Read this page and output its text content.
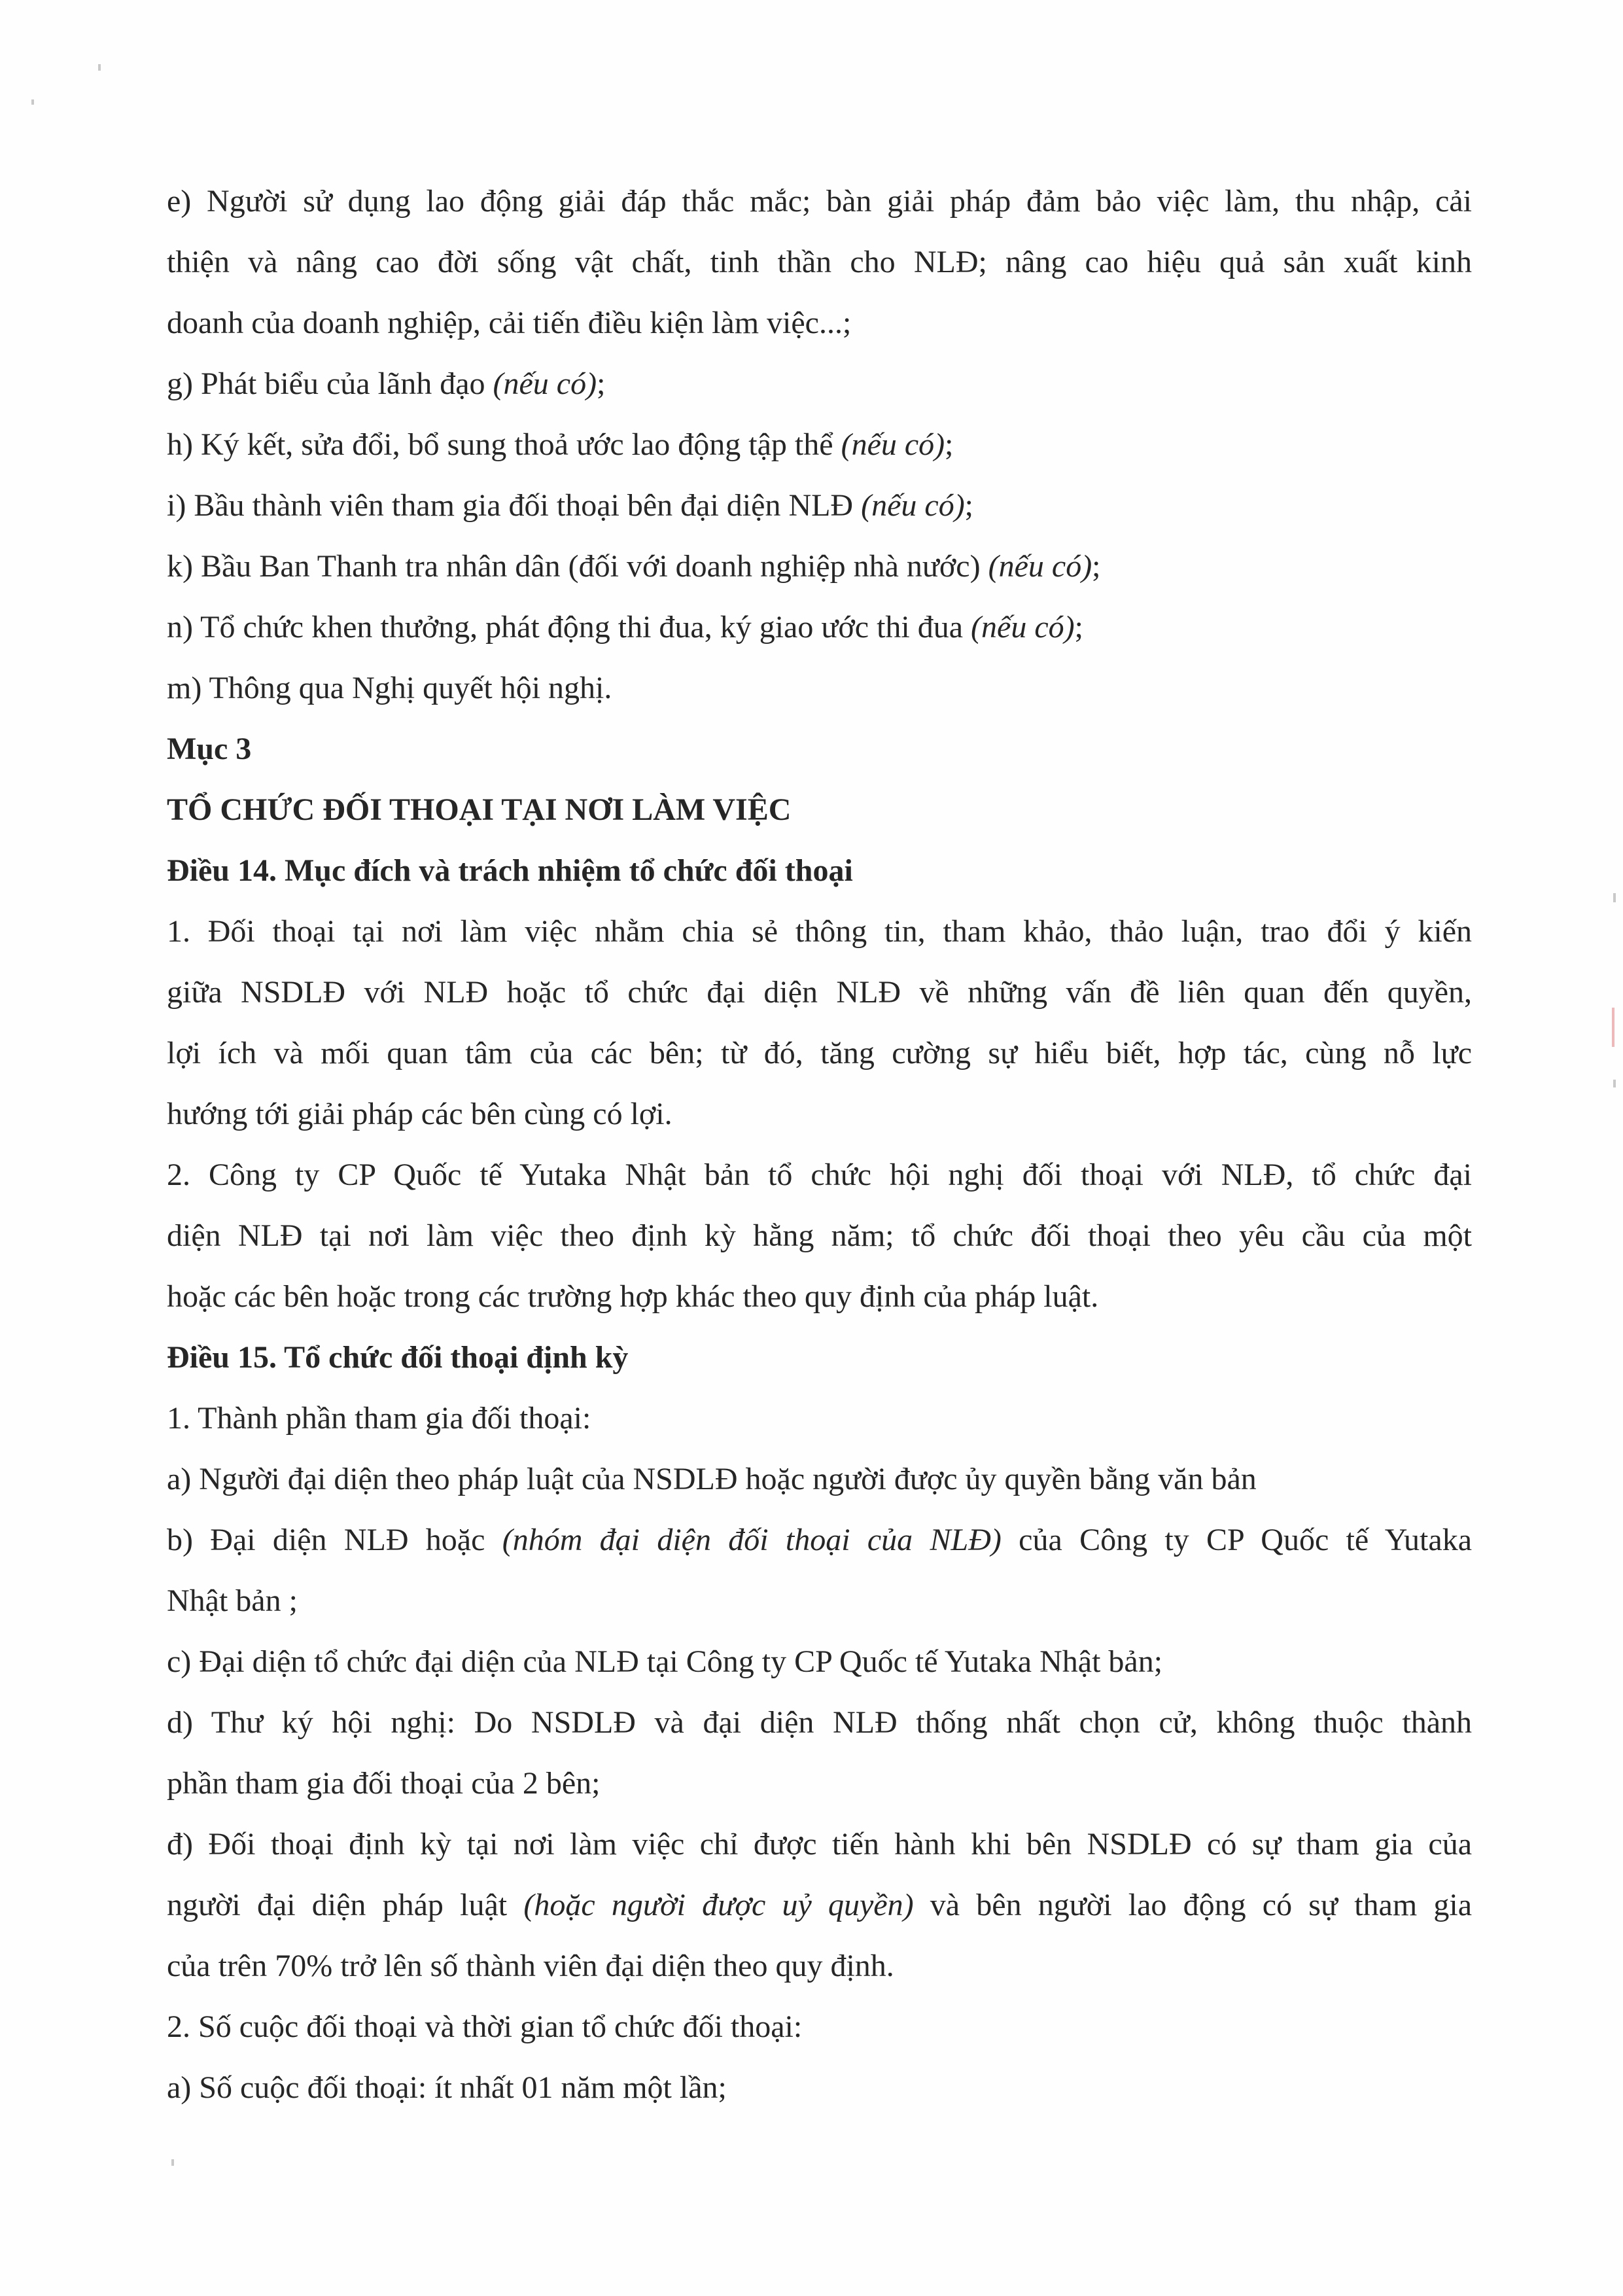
e) Người sử dụng lao động giải đáp thắc mắc; bàn giải pháp đảm bảo việc làm, thu nhập, cải
thiện và nâng cao đời sống vật chất, tinh thần cho NLĐ; nâng cao hiệu quả sản xuất kinh
doanh của doanh nghiệp, cải tiến điều kiện làm việc...;
g) Phát biểu của lãnh đạo (nếu có);
h) Ký kết, sửa đổi, bổ sung thoả ước lao động tập thể (nếu có);
i) Bầu thành viên tham gia đối thoại bên đại diện NLĐ (nếu có);
k) Bầu Ban Thanh tra nhân dân (đối với doanh nghiệp nhà nước) (nếu có);
n) Tổ chức khen thưởng, phát động thi đua, ký giao ước thi đua (nếu có);
m) Thông qua Nghị quyết hội nghị.
Mục 3
TỔ CHỨC ĐỐI THOẠI TẠI NƠI LÀM VIỆC
Điều 14. Mục đích và trách nhiệm tổ chức đối thoại
1. Đối thoại tại nơi làm việc nhằm chia sẻ thông tin, tham khảo, thảo luận, trao đổi ý kiến
giữa NSDLĐ với NLĐ hoặc tổ chức đại diện NLĐ về những vấn đề liên quan đến quyền,
lợi ích và mối quan tâm của các bên; từ đó, tăng cường sự hiểu biết, hợp tác, cùng nỗ lực
hướng tới giải pháp các bên cùng có lợi.
2. Công ty CP Quốc tế Yutaka Nhật bản tổ chức hội nghị đối thoại với NLĐ, tổ chức đại
diện NLĐ tại nơi làm việc theo định kỳ hằng năm; tổ chức đối thoại theo yêu cầu của một
hoặc các bên hoặc trong các trường hợp khác theo quy định của pháp luật.
Điều 15. Tổ chức đối thoại định kỳ
1. Thành phần tham gia đối thoại:
a) Người đại diện theo pháp luật của NSDLĐ hoặc người được ủy quyền bằng văn bản
b) Đại diện NLĐ hoặc (nhóm đại diện đối thoại của NLĐ) của Công ty CP Quốc tế Yutaka
Nhật bản ;
c) Đại diện tổ chức đại diện của NLĐ tại Công ty CP Quốc tế Yutaka Nhật bản;
d) Thư ký hội nghị: Do NSDLĐ và đại diện NLĐ thống nhất chọn cử, không thuộc thành
phần tham gia đối thoại của 2 bên;
đ) Đối thoại định kỳ tại nơi làm việc chỉ được tiến hành khi bên NSDLĐ có sự tham gia của
người đại diện pháp luật (hoặc người được uỷ quyền) và bên người lao động có sự tham gia
của trên 70% trở lên số thành viên đại diện theo quy định.
2. Số cuộc đối thoại và thời gian tổ chức đối thoại:
a) Số cuộc đối thoại: ít nhất 01 năm một lần;
